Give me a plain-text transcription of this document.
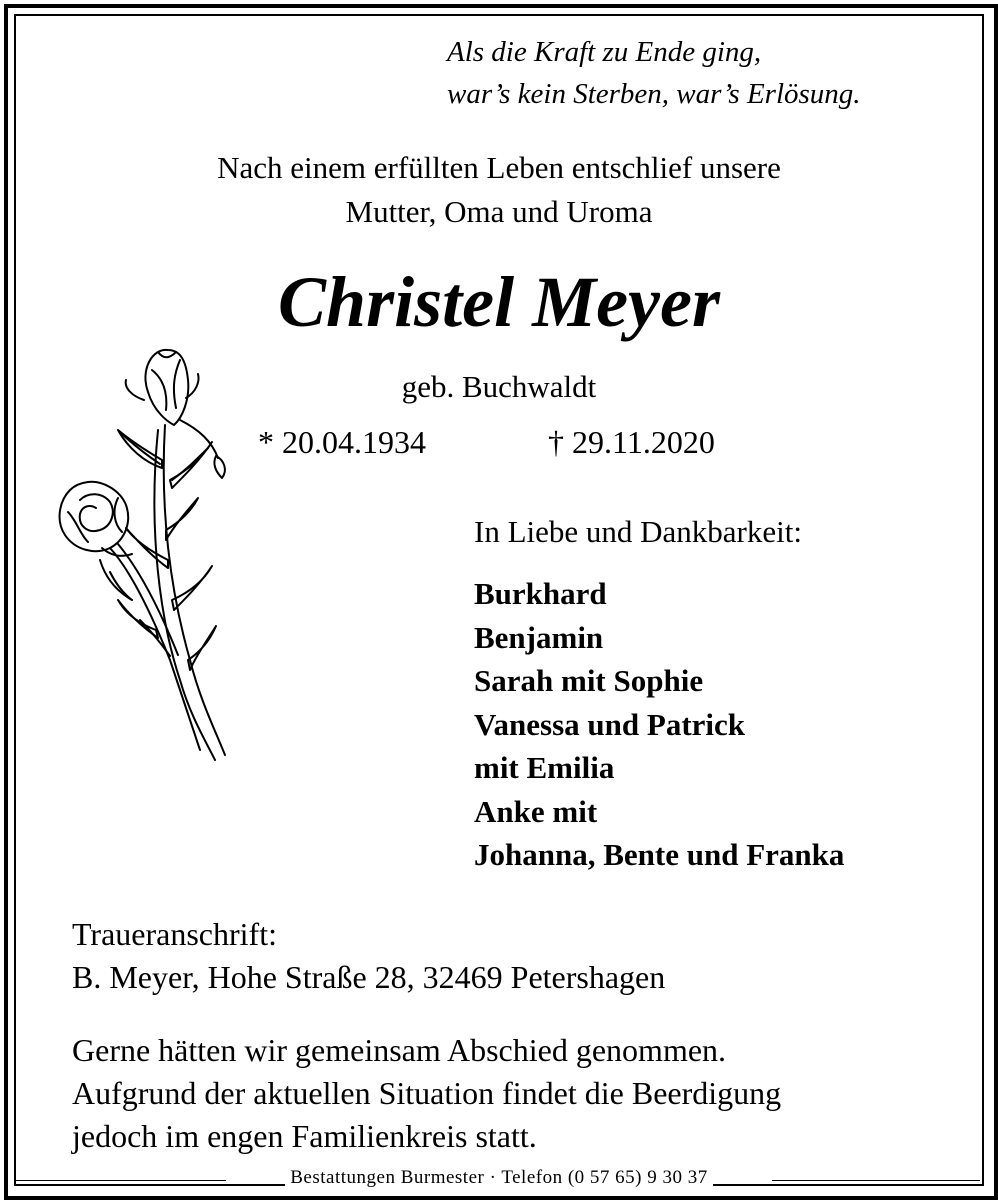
Als die Kraft zu Ende ging,
war’s kein Sterben, war’s Erlösung.
Nach einem erfüllten Leben entschlief unsere
Mutter, Oma und Uroma
Christel Meyer
geb. Buchwaldt
* 20.04.1934	† 29.11.2020
In Liebe und Dankbarkeit:
Burkhard
Benjamin
Sarah mit Sophie
Vanessa und Patrick
mit Emilia
Anke mit
Johanna, Bente und Franka
Traueranschrift:
B. Meyer, Hohe Straße 28, 32469 Petershagen
Gerne hätten wir gemeinsam Abschied genommen.
Aufgrund der aktuellen Situation findet die Beerdigung
jedoch im engen Familienkreis statt.
Bestattungen Burmester · Telefon (0 57 65) 9 30 37
